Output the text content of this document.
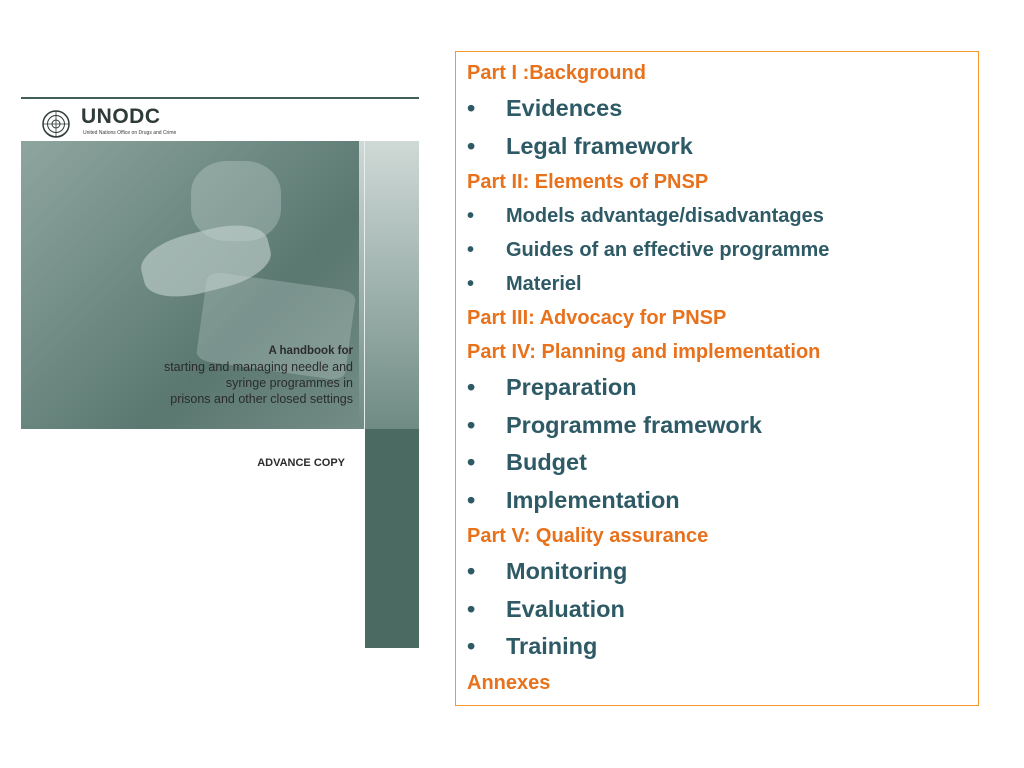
UNODC
United Nations Office on Drugs and Crime
A handbook for
starting and managing needle and
syringe programmes in
prisons and other closed settings
ADVANCE COPY
Part I :Background
•	Evidences
•	Legal framework
Part II: Elements of PNSP
•	Models advantage/disadvantages
•	Guides of an effective programme
•	Materiel
Part III: Advocacy for PNSP
Part IV: Planning and implementation
•	Preparation
•	Programme framework
•	Budget
•	Implementation
Part V: Quality assurance
•	Monitoring
•	Evaluation
•	Training
Annexes
